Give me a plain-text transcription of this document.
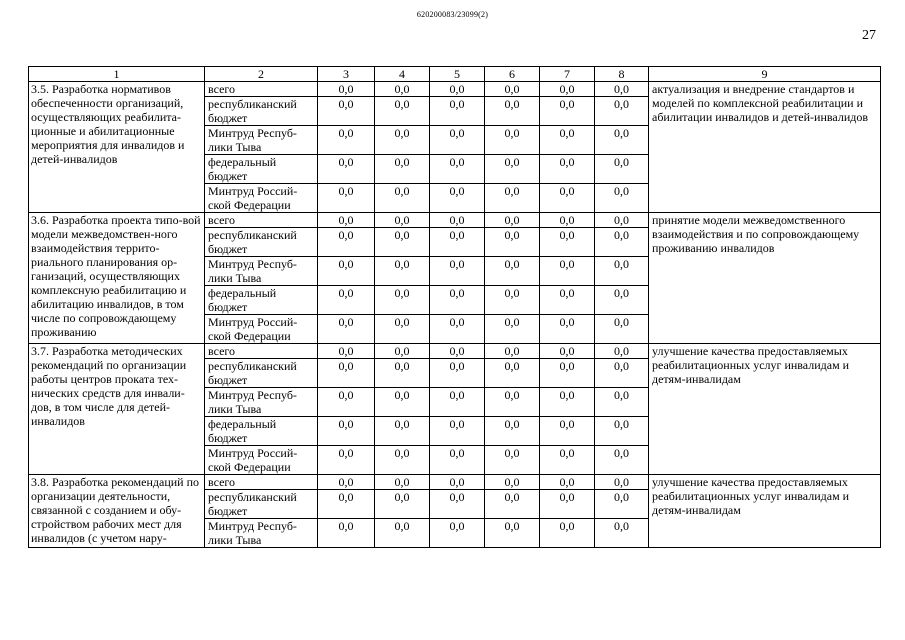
620200083/23099(2)
27
1	2	3	4	5	6	7	8	9
3.5. Разработка нормативов обеспеченности организаций, осуществляющих реабилита-ционные и абилитационные мероприятия для инвалидов и детей-инвалидов	всего	0,0	0,0	0,0	0,0	0,0	0,0	актуализация и внедрение стандартов и моделей по комплексной реабилитации и абилитации инвалидов и детей-инвалидов
	республиканский бюджет	0,0	0,0	0,0	0,0	0,0	0,0	
	Минтруд Респуб-лики Тыва	0,0	0,0	0,0	0,0	0,0	0,0	
	федеральный бюджет	0,0	0,0	0,0	0,0	0,0	0,0	
	Минтруд Россий-ской Федерации	0,0	0,0	0,0	0,0	0,0	0,0	
3.6. Разработка проекта типо-вой модели межведомствен-ного взаимодействия террито-риального планирования ор-ганизаций, осуществляющих комплексную реабилитацию и абилитацию инвалидов, в том числе по сопровождающему проживанию	всего	0,0	0,0	0,0	0,0	0,0	0,0	принятие модели межведомственного взаимодействия и по сопровождающему проживанию инвалидов
	республиканский бюджет	0,0	0,0	0,0	0,0	0,0	0,0	
	Минтруд Респуб-лики Тыва	0,0	0,0	0,0	0,0	0,0	0,0	
	федеральный бюджет	0,0	0,0	0,0	0,0	0,0	0,0	
	Минтруд Россий-ской Федерации	0,0	0,0	0,0	0,0	0,0	0,0	
3.7. Разработка методических рекомендаций по организации работы центров проката тех-нических средств для инвали-дов, в том числе для детей-инвалидов	всего	0,0	0,0	0,0	0,0	0,0	0,0	улучшение качества предоставляемых реабилитационных услуг инвалидам и детям-инвалидам
	республиканский бюджет	0,0	0,0	0,0	0,0	0,0	0,0	
	Минтруд Респуб-лики Тыва	0,0	0,0	0,0	0,0	0,0	0,0	
	федеральный бюджет	0,0	0,0	0,0	0,0	0,0	0,0	
	Минтруд Россий-ской Федерации	0,0	0,0	0,0	0,0	0,0	0,0	
3.8. Разработка рекомендаций по организации деятельности, связанной с созданием и обу-стройством рабочих мест для инвалидов (с учетом нару-	всего	0,0	0,0	0,0	0,0	0,0	0,0	улучшение качества предоставляемых реабилитационных услуг инвалидам и детям-инвалидам
	республиканский бюджет	0,0	0,0	0,0	0,0	0,0	0,0	
	Минтруд Респуб-лики Тыва	0,0	0,0	0,0	0,0	0,0	0,0	
